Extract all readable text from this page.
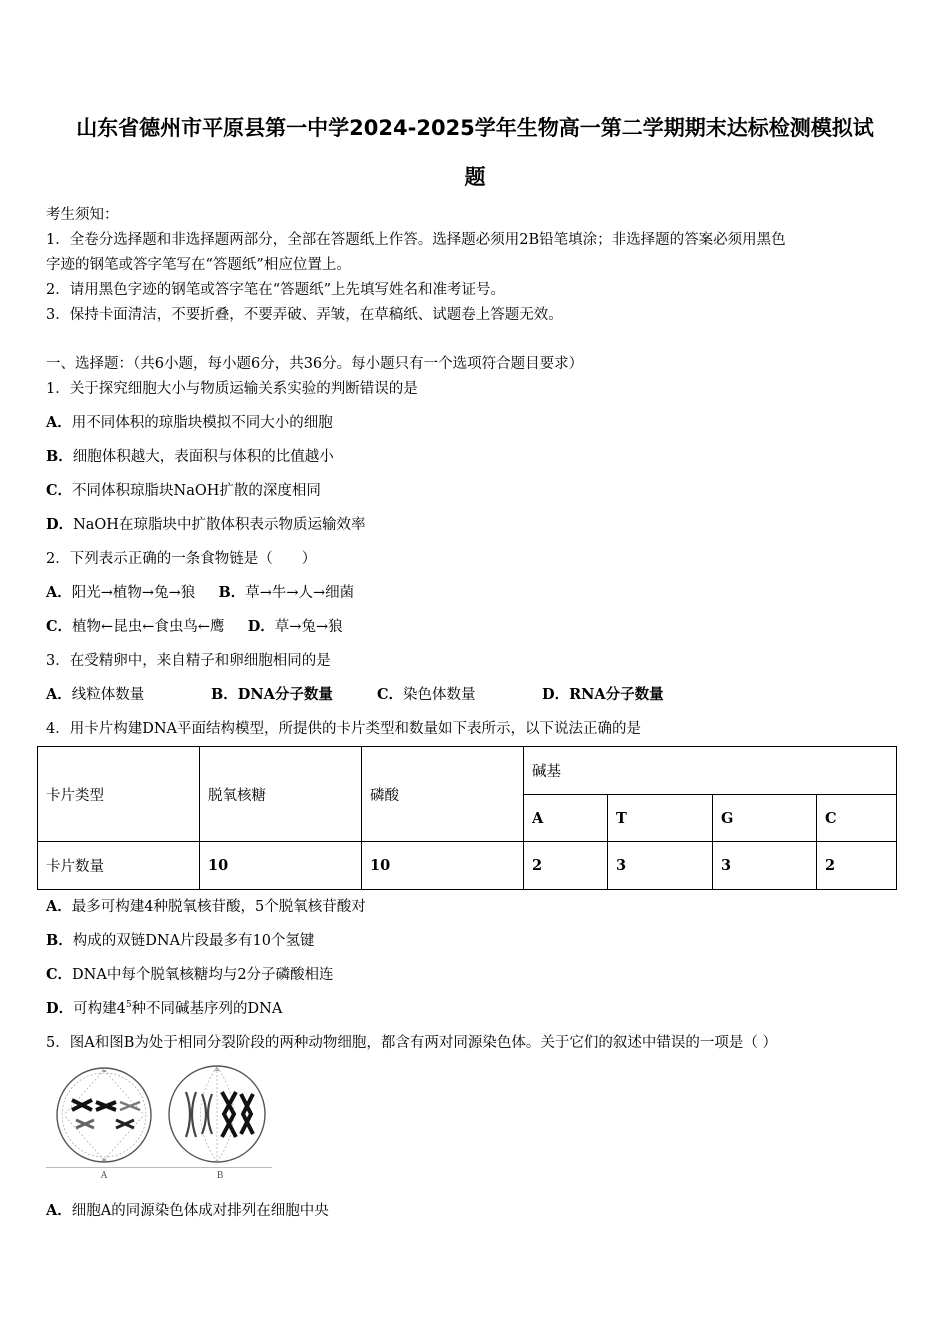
山东省德州市平原县第一中学2024-2025学年生物高一第二学期期末达标检测模拟试
题
考生须知：
1．全卷分选择题和非选择题两部分，全部在答题纸上作答。选择题必须用2B铅笔填涂；非选择题的答案必须用黑色
字迹的钢笔或答字笔写在“答题纸”相应位置上。
2．请用黑色字迹的钢笔或答字笔在“答题纸”上先填写姓名和准考证号。
3．保持卡面清洁，不要折叠，不要弄破、弄皱，在草稿纸、试题卷上答题无效。
一、选择题：（共6小题，每小题6分，共36分。每小题只有一个选项符合题目要求）
1．关于探究细胞大小与物质运输关系实验的判断错误的是
A．用不同体积的琼脂块模拟不同大小的细胞
B．细胞体积越大，表面积与体积的比值越小
C．不同体积琼脂块NaOH扩散的深度相同
D．NaOH在琼脂块中扩散体积表示物质运输效率
2．下列表示正确的一条食物链是（　　）
A．阳光→植物→兔→狼 B．草→牛→人→细菌
C．植物←昆虫←食虫鸟←鹰 D．草→兔→狼
3．在受精卵中，来自精子和卵细胞相同的是
A．线粒体数量	B．DNA分子数量	C．染色体数量	D．RNA分子数量
4．用卡片构建DNA平面结构模型，所提供的卡片类型和数量如下表所示，以下说法正确的是
卡片类型	脱氧核糖	磷酸	碱基			
			A	T	G	C
卡片数量	10	10	2	3	3	2
A．最多可构建4种脱氧核苷酸，5个脱氧核苷酸对
B．构成的双链DNA片段最多有10个氢键
C．DNA中每个脱氧核糖均与2分子磷酸相连
D．可构建$4^5$种不同碱基序列的DNA
5．图A和图B为处于相同分裂阶段的两种动物细胞，都含有两对同源染色体。关于它们的叙述中错误的一项是（ ）
≈
≈
A
≈
B
A．细胞A的同源染色体成对排列在细胞中央
